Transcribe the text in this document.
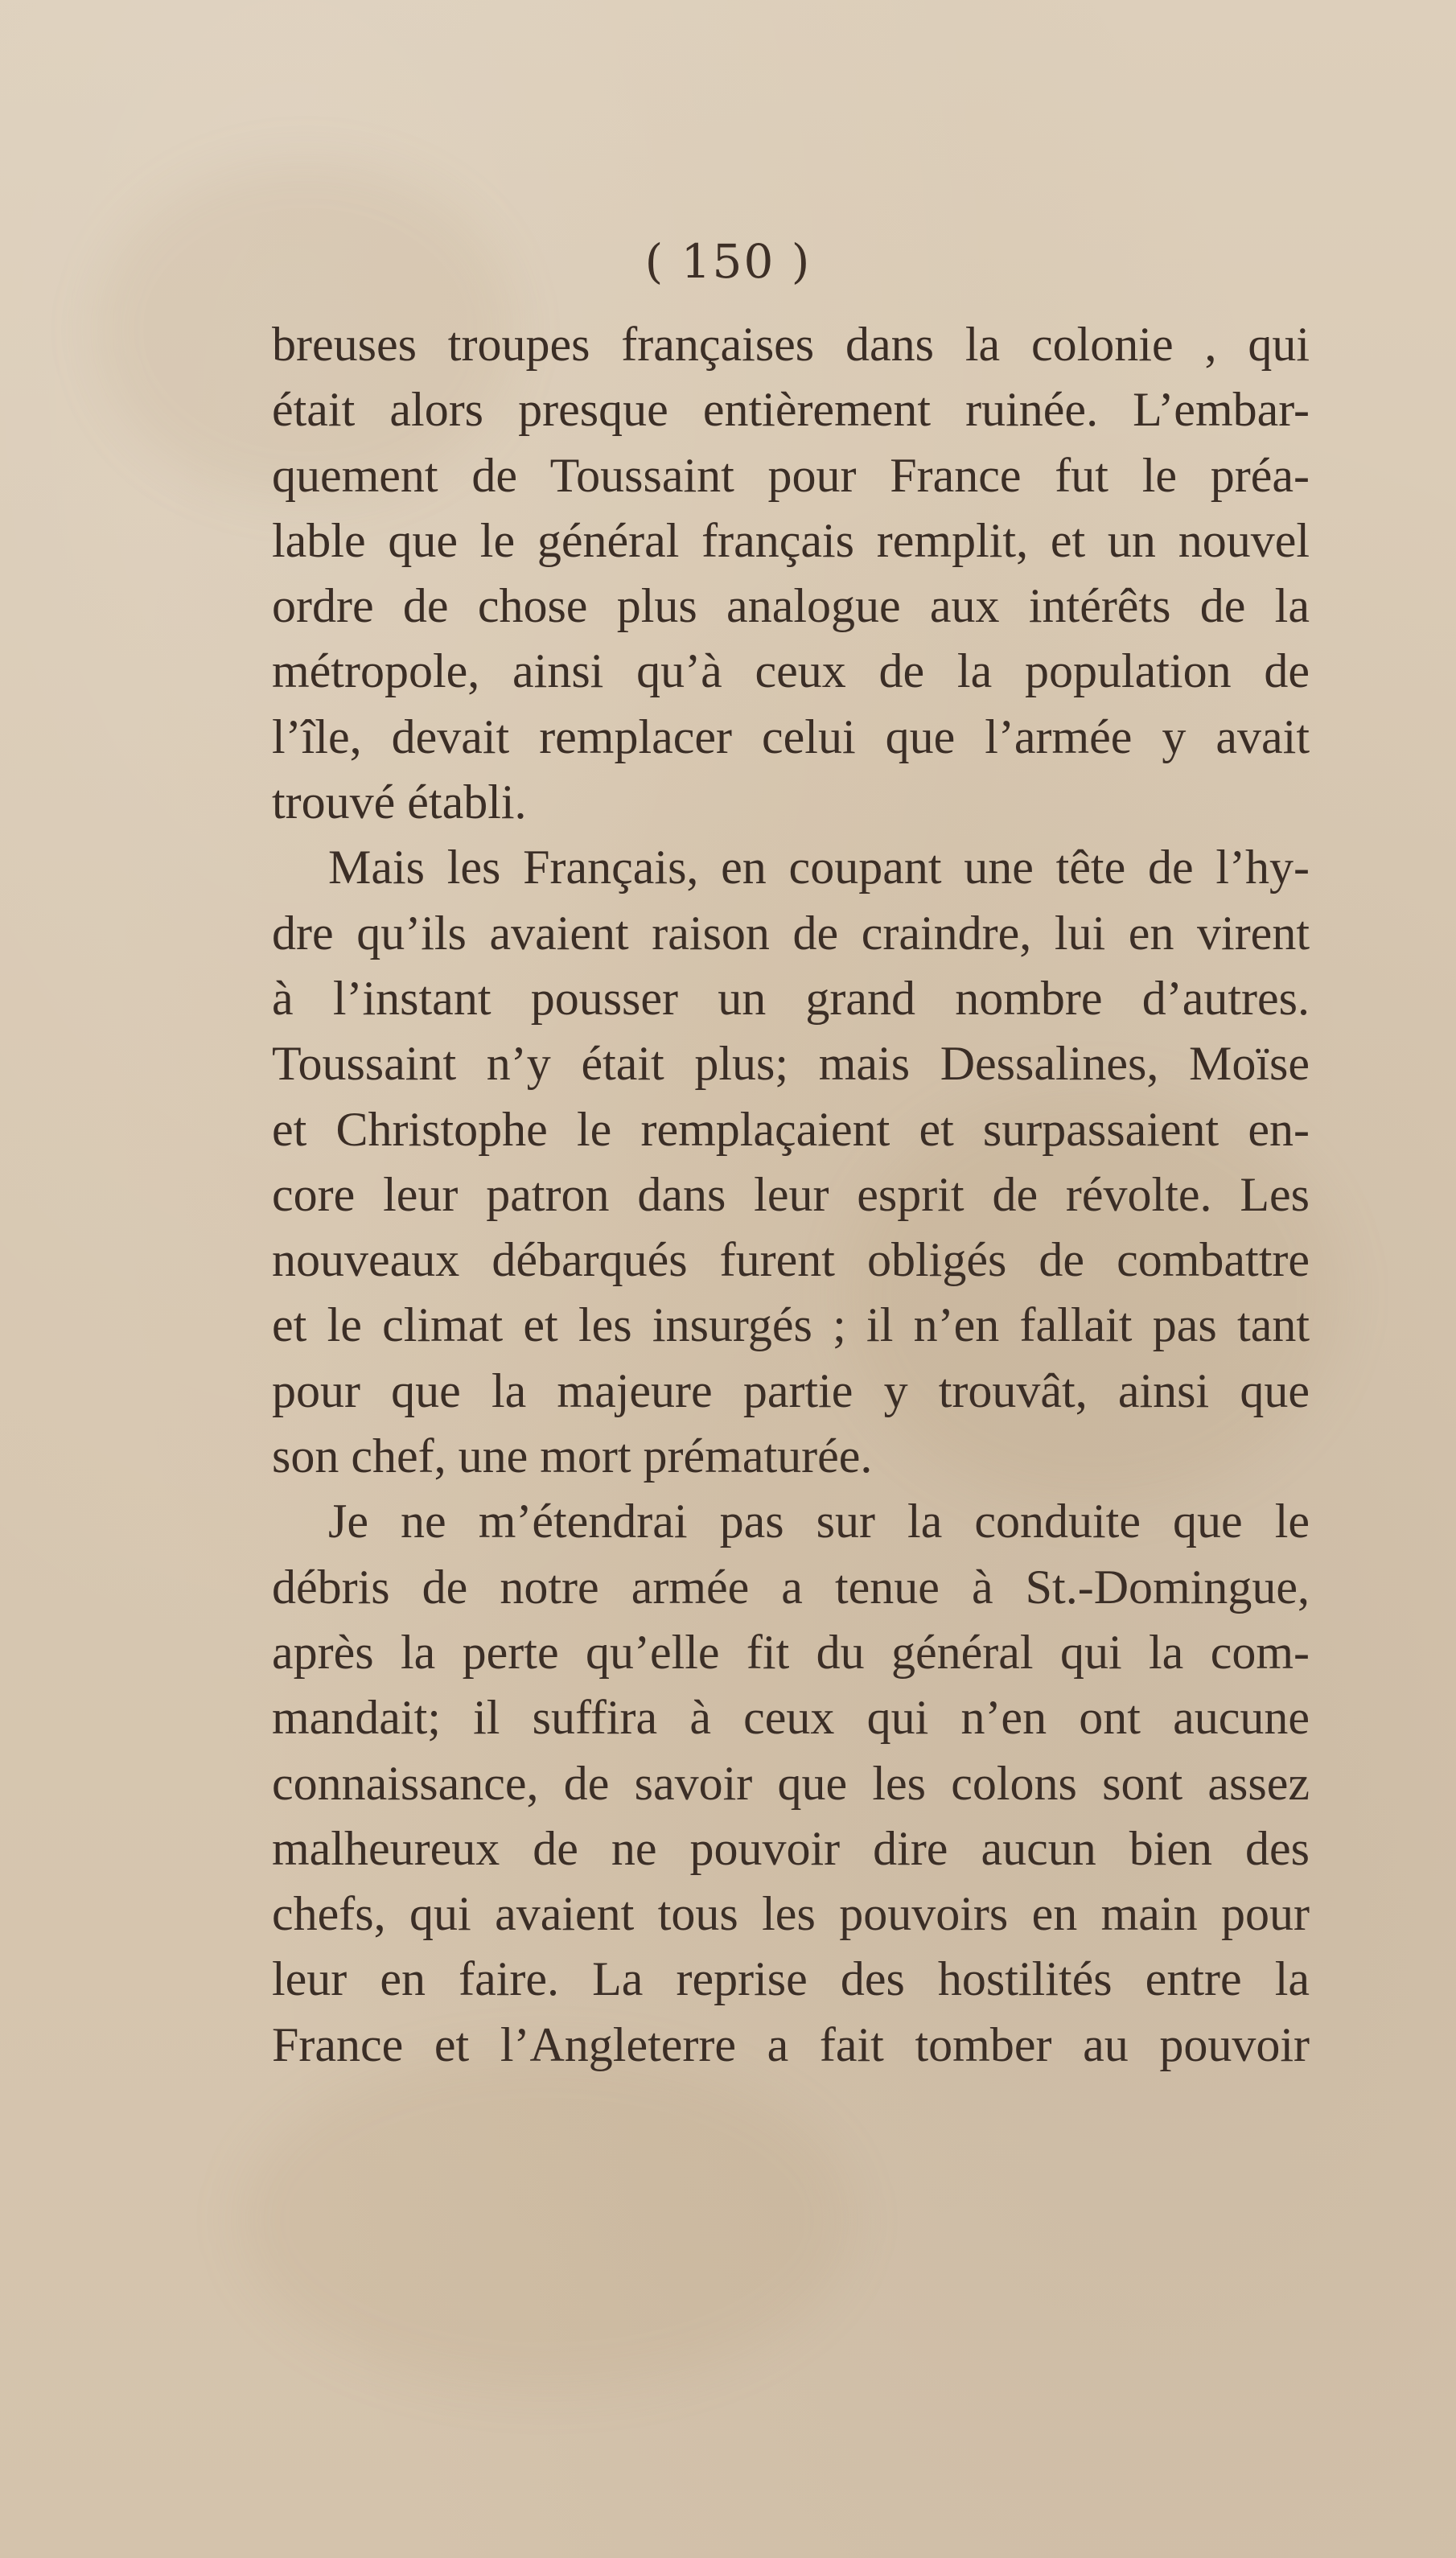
( 150 )
breuses troupes françaises dans la colonie , qui
était alors presque entièrement ruinée. L’embar-
quement de Toussaint pour France fut le préa-
lable que le général français remplit, et un nouvel
ordre de chose plus analogue aux intérêts de la
métropole, ainsi qu’à ceux de la population de
l’île, devait remplacer celui que l’armée y avait
trouvé établi.
Mais les Français, en coupant une tête de l’hy-
dre qu’ils avaient raison de craindre, lui en virent
à l’instant pousser un grand nombre d’autres.
Toussaint n’y était plus; mais Dessalines, Moïse
et Christophe le remplaçaient et surpassaient en-
core leur patron dans leur esprit de révolte. Les
nouveaux débarqués furent obligés de combattre
et le climat et les insurgés ; il n’en fallait pas tant
pour que la majeure partie y trouvât, ainsi que
son chef, une mort prématurée.
Je ne m’étendrai pas sur la conduite que le
débris de notre armée a tenue à St.-Domingue,
après la perte qu’elle fit du général qui la com-
mandait; il suffira à ceux qui n’en ont aucune
connaissance, de savoir que les colons sont assez
malheureux de ne pouvoir dire aucun bien des
chefs, qui avaient tous les pouvoirs en main pour
leur en faire. La reprise des hostilités entre la
France et l’Angleterre a fait tomber au pouvoir
